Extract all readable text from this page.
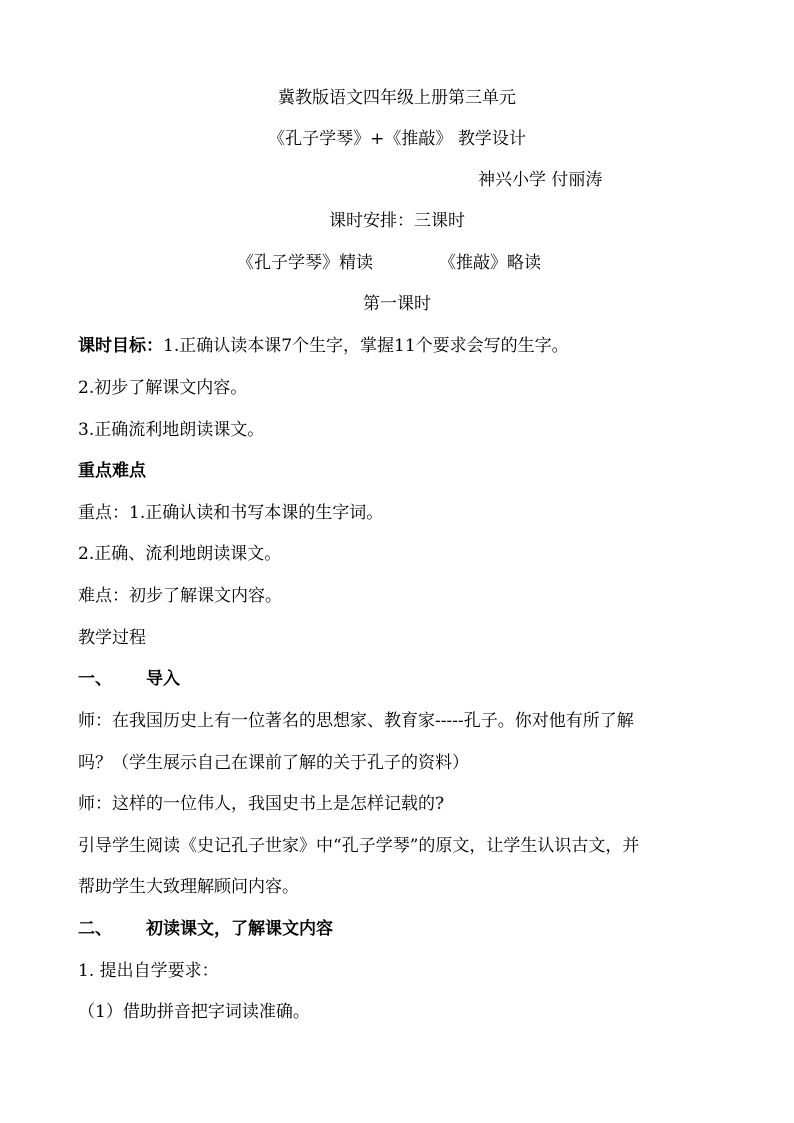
冀教版语文四年级上册第三单元
《孔子学琴》+《推敲》 教学设计
神兴小学 付丽涛
课时安排：三课时
《孔子学琴》精读	《推敲》略读
第一课时
课时目标：1.正确认读本课7个生字，掌握11个要求会写的生字。
2.初步了解课文内容。
3.正确流利地朗读课文。
重点难点
重点：1.正确认读和书写本课的生字词。
2.正确、流利地朗读课文。
难点：初步了解课文内容。
教学过程
一、 导入
师：在我国历史上有一位著名的思想家、教育家-----孔子。你对他有所了解
吗？（学生展示自己在课前了解的关于孔子的资料）
师：这样的一位伟人，我国史书上是怎样记载的?
引导学生阅读《史记孔子世家》中“孔子学琴”的原文，让学生认识古文，并
帮助学生大致理解顾问内容。
二、 初读课文，了解课文内容
1. 提出自学要求：
（1）借助拼音把字词读准确。
